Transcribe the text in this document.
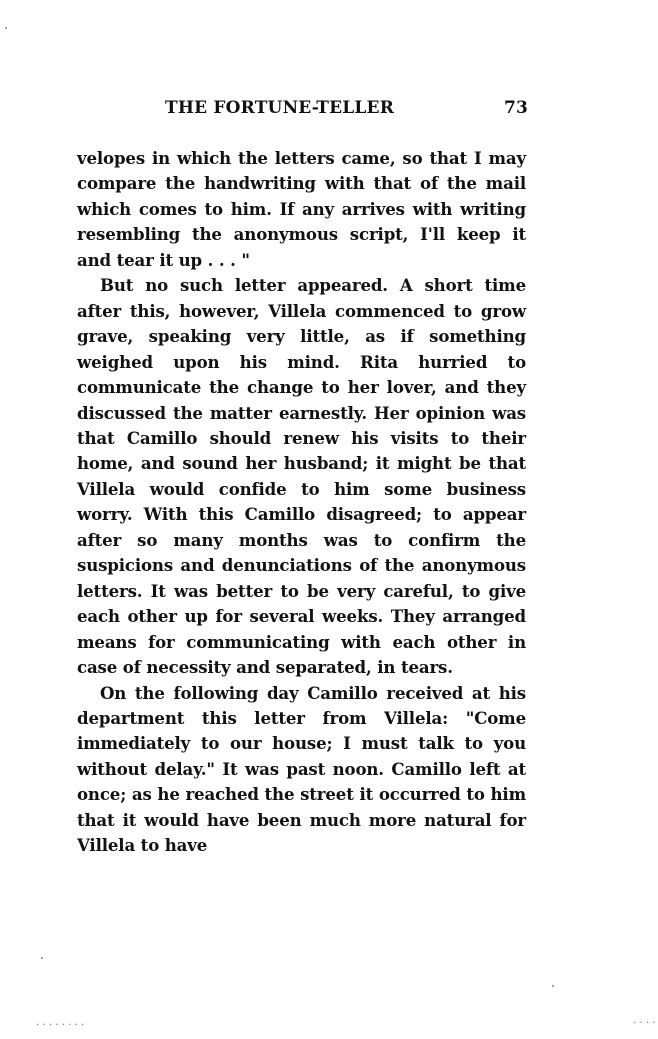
THE FORTUNE-TELLER	73

velopes in which the letters came, so that I may compare the handwriting with that of the mail which comes to him. If any arrives with writing resembling the anonymous script, I'll keep it and tear it up . . . "

But no such letter appeared. A short time after this, however, Villela commenced to grow grave, speaking very little, as if something weighed upon his mind. Rita hurried to communicate the change to her lover, and they discussed the matter earnestly. Her opinion was that Camillo should renew his visits to their home, and sound her husband; it might be that Villela would confide to him some business worry. With this Camillo disagreed; to appear after so many months was to confirm the suspicions and denunciations of the anonymous letters. It was better to be very careful, to give each other up for several weeks. They arranged means for communicating with each other in case of necessity and separated, in tears.

On the following day Camillo received at his department this letter from Villela: "Come immediately to our house; I must talk to you without delay." It was past noon. Camillo left at once; as he reached the street it occurred to him that it would have been much more natural for Villela to have

........	....
